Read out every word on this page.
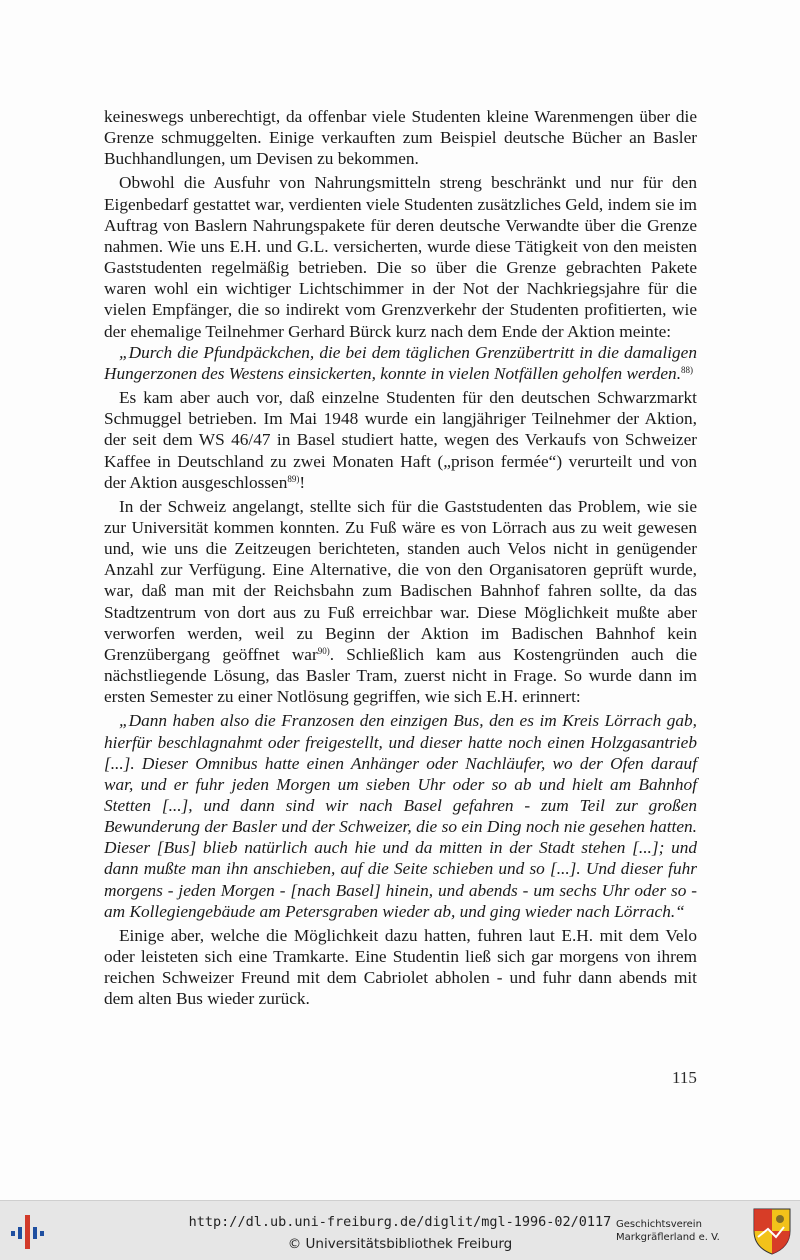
keineswegs unberechtigt, da offenbar viele Studenten kleine Warenmengen über die Grenze schmuggelten. Einige verkauften zum Beispiel deutsche Bücher an Basler Buchhandlungen, um Devisen zu bekommen.

Obwohl die Ausfuhr von Nahrungsmitteln streng beschränkt und nur für den Eigenbedarf gestattet war, verdienten viele Studenten zusätzliches Geld, indem sie im Auftrag von Baslern Nahrungspakete für deren deutsche Verwandte über die Grenze nahmen. Wie uns E.H. und G.L. versicherten, wurde diese Tätigkeit von den meisten Gaststudenten regelmäßig betrieben. Die so über die Grenze gebrachten Pakete waren wohl ein wichtiger Lichtschimmer in der Not der Nachkriegsjahre für die vielen Empfänger, die so indirekt vom Grenzverkehr der Studenten profitierten, wie der ehemalige Teilnehmer Gerhard Bürck kurz nach dem Ende der Aktion meinte:

„Durch die Pfundpäckchen, die bei dem täglichen Grenzübertritt in die damaligen Hungerzonen des Westens einsickerten, konnte in vielen Notfällen geholfen werden.$^{88)}$

Es kam aber auch vor, daß einzelne Studenten für den deutschen Schwarzmarkt Schmuggel betrieben. Im Mai 1948 wurde ein langjähriger Teilnehmer der Aktion, der seit dem WS 46/47 in Basel studiert hatte, wegen des Verkaufs von Schweizer Kaffee in Deutschland zu zwei Monaten Haft („prison fermée“) verurteilt und von der Aktion ausgeschlossen$^{89)}$!

In der Schweiz angelangt, stellte sich für die Gaststudenten das Problem, wie sie zur Universität kommen konnten. Zu Fuß wäre es von Lörrach aus zu weit gewesen und, wie uns die Zeitzeugen berichteten, standen auch Velos nicht in genügender Anzahl zur Verfügung. Eine Alternative, die von den Organisatoren geprüft wurde, war, daß man mit der Reichsbahn zum Badischen Bahnhof fahren sollte, da das Stadtzentrum von dort aus zu Fuß erreichbar war. Diese Möglichkeit mußte aber verworfen werden, weil zu Beginn der Aktion im Badischen Bahnhof kein Grenzübergang geöffnet war$^{90)}$. Schließlich kam aus Kostengründen auch die nächstliegende Lösung, das Basler Tram, zuerst nicht in Frage. So wurde dann im ersten Semester zu einer Notlösung gegriffen, wie sich E.H. erinnert:

„Dann haben also die Franzosen den einzigen Bus, den es im Kreis Lörrach gab, hierfür beschlagnahmt oder freigestellt, und dieser hatte noch einen Holzgasantrieb [...]. Dieser Omnibus hatte einen Anhänger oder Nachläufer, wo der Ofen darauf war, und er fuhr jeden Morgen um sieben Uhr oder so ab und hielt am Bahnhof Stetten [...], und dann sind wir nach Basel gefahren - zum Teil zur großen Bewunderung der Basler und der Schweizer, die so ein Ding noch nie gesehen hatten. Dieser [Bus] blieb natürlich auch hie und da mitten in der Stadt stehen [...]; und dann mußte man ihn anschieben, auf die Seite schieben und so [...]. Und dieser fuhr morgens - jeden Morgen - [nach Basel] hinein, und abends - um sechs Uhr oder so - am Kollegiengebäude am Petersgraben wieder ab, und ging wieder nach Lörrach.“

Einige aber, welche die Möglichkeit dazu hatten, fuhren laut E.H. mit dem Velo oder leisteten sich eine Tramkarte. Eine Studentin ließ sich gar morgens von ihrem reichen Schweizer Freund mit dem Cabriolet abholen - und fuhr dann abends mit dem alten Bus wieder zurück.

115
http://dl.ub.uni-freiburg.de/diglit/mgl-1996-02/0117
© Universitätsbibliothek Freiburg
Geschichtsverein
Markgräflerland e. V.
